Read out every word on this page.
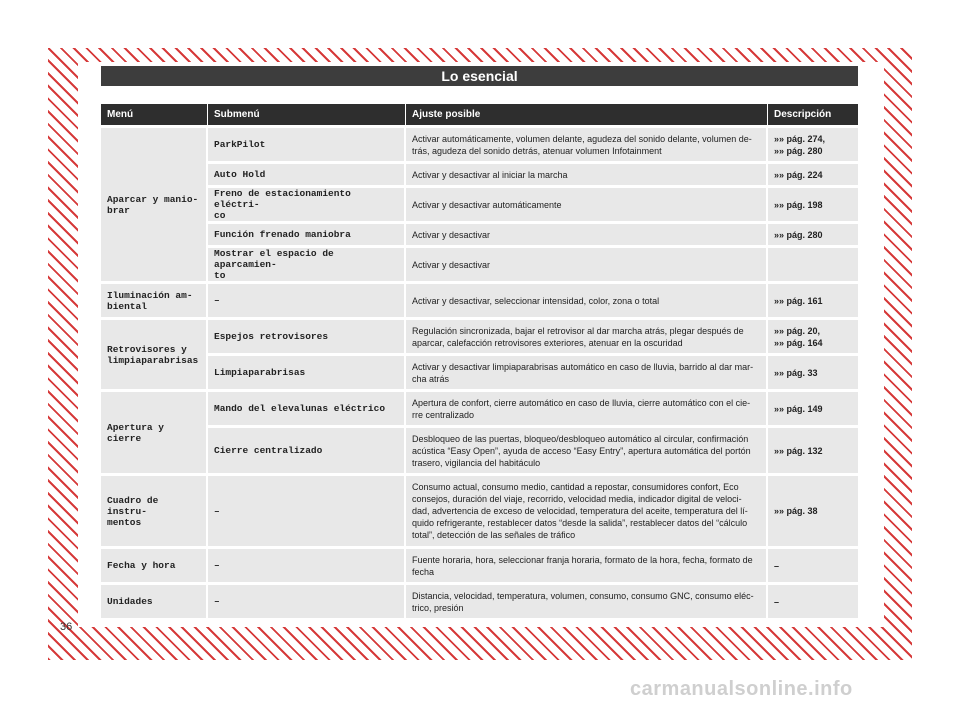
Lo esencial
Menú	Submenú	Ajuste posible	Descripción
Aparcar y manio-
brar	ParkPilot	Activar automáticamente, volumen delante, agudeza del sonido delante, volumen de-
trás, agudeza del sonido detrás, atenuar volumen Infotainment	»» pág. 274,
»» pág. 280

	Auto Hold	Activar y desactivar al iniciar la marcha	»» pág. 224

	Freno de estacionamiento eléctri-
co	Activar y desactivar automáticamente	»» pág. 198

	Función frenado maniobra	Activar y desactivar	»» pág. 280

	Mostrar el espacio de aparcamien-
to	Activar y desactivar	

Iluminación am-
biental	–	Activar y desactivar, seleccionar intensidad, color, zona o total	»» pág. 161

Retrovisores y
limpiaparabrisas	Espejos retrovisores	Regulación sincronizada, bajar el retrovisor al dar marcha atrás, plegar después de
aparcar, calefacción retrovisores exteriores, atenuar en la oscuridad	»» pág. 20,
»» pág. 164

	Limpiaparabrisas	Activar y desactivar limpiaparabrisas automático en caso de lluvia, barrido al dar mar-
cha atrás	»» pág. 33

Apertura y cierre	Mando del elevalunas eléctrico	Apertura de confort, cierre automático en caso de lluvia, cierre automático con el cie-
rre centralizado	»» pág. 149

	Cierre centralizado	Desbloqueo de las puertas, bloqueo/desbloqueo automático al circular, confirmación
acústica “Easy Open”, ayuda de acceso “Easy Entry”, apertura automática del portón
trasero, vigilancia del habitáculo	»» pág. 132

Cuadro de instru-
mentos	–	Consumo actual, consumo medio, cantidad a repostar, consumidores confort, Eco
consejos, duración del viaje, recorrido, velocidad media, indicador digital de veloci-
dad, advertencia de exceso de velocidad, temperatura del aceite, temperatura del lí-
quido refrigerante, restablecer datos “desde la salida”, restablecer datos del “cálculo
total”, detección de las señales de tráfico	»» pág. 38

Fecha y hora	–	Fuente horaria, hora, seleccionar franja horaria, formato de la hora, fecha, formato de
fecha	–

Unidades	–	Distancia, velocidad, temperatura, volumen, consumo, consumo GNC, consumo eléc-
trico, presión	–
36
carmanualsonline.info
